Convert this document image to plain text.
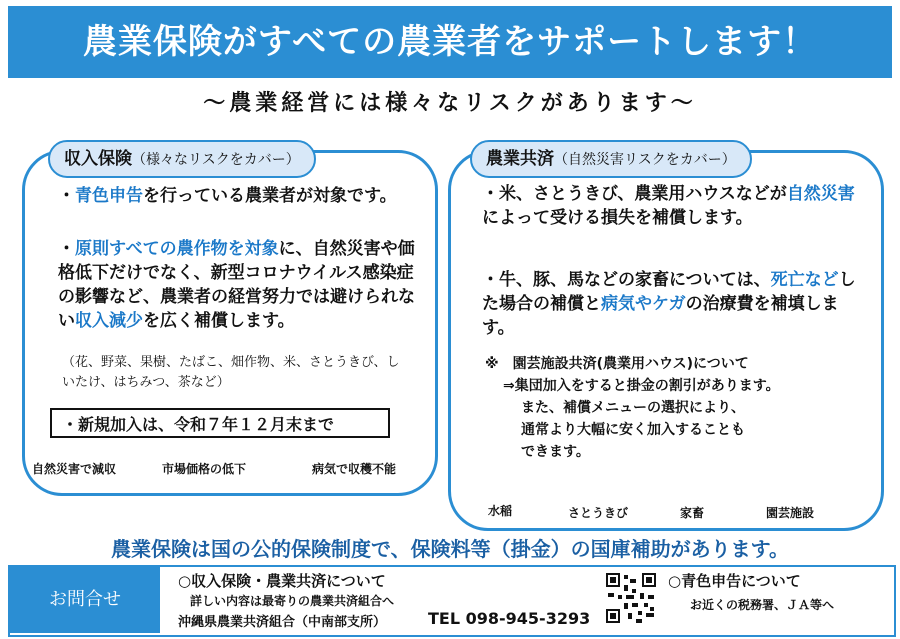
農業保険がすべての農業者をサポートします！
～農業経営には様々なリスクがあります～
収入保険（様々なリスクをカバー）
・青色申告を行っている農業者が対象です。
・原則すべての農作物を対象に、自然災害や価格低下だけでなく、新型コロナウイルス感染症の影響など、農業者の経営努力では避けられない収入減少を広く補償します。
（花、野菜、果樹、たばこ、畑作物、米、さとうきび、しいたけ、はちみつ、茶など）
・新規加入は、令和７年１２月末まで
自然災害で減収	市場価格の低下	病気で収穫不能
農業共済（自然災害リスクをカバー）
・米、さとうきび、農業用ハウスなどが自然災害によって受ける損失を補償します。
・牛、豚、馬などの家畜については、死亡などした場合の補償と病気やケガの治療費を補填します。
※　園芸施設共済(農業用ハウス)について
⇒集団加入をすると掛金の割引があります。
また、補償メニューの選択により、
通常より大幅に安く加入することも
できます。
水稲	さとうきび	家畜	園芸施設
農業保険は国の公的保険制度で、保険料等（掛金）の国庫補助があります。
お問合せ
○収入保険・農業共済について
詳しい内容は最寄りの農業共済組合へ
沖縄県農業共済組合（中南部支所）	TEL 098-945-3293
○青色申告について
お近くの税務署、ＪＡ等へ
